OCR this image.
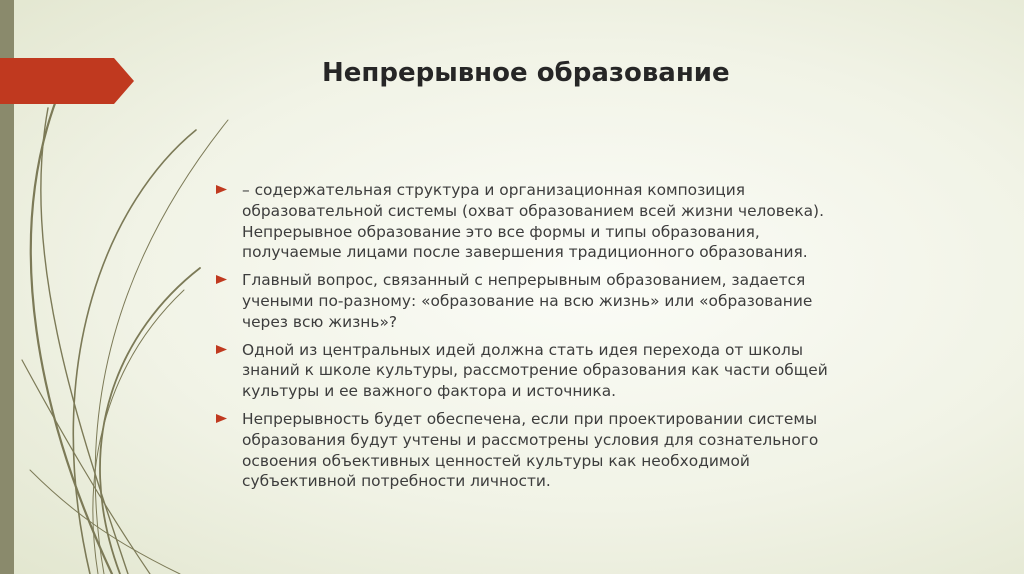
Непрерывное образование
– содержательная структура и организационная композиция
образовательной системы (охват образованием всей жизни человека).
Непрерывное образование это все формы и типы образования,
получаемые лицами после завершения традиционного образования.
Главный вопрос, связанный с непрерывным образованием, задается
учеными по-разному: «образование на всю жизнь» или «образование
через всю жизнь»?
Одной из центральных идей должна стать идея перехода от школы
знаний к школе культуры, рассмотрение образования как части общей
культуры и ее важного фактора и источника.
Непрерывность будет обеспечена, если при проектировании системы
образования будут учтены и рассмотрены условия для сознательного
освоения объективных ценностей культуры как необходимой
субъективной потребности личности.
